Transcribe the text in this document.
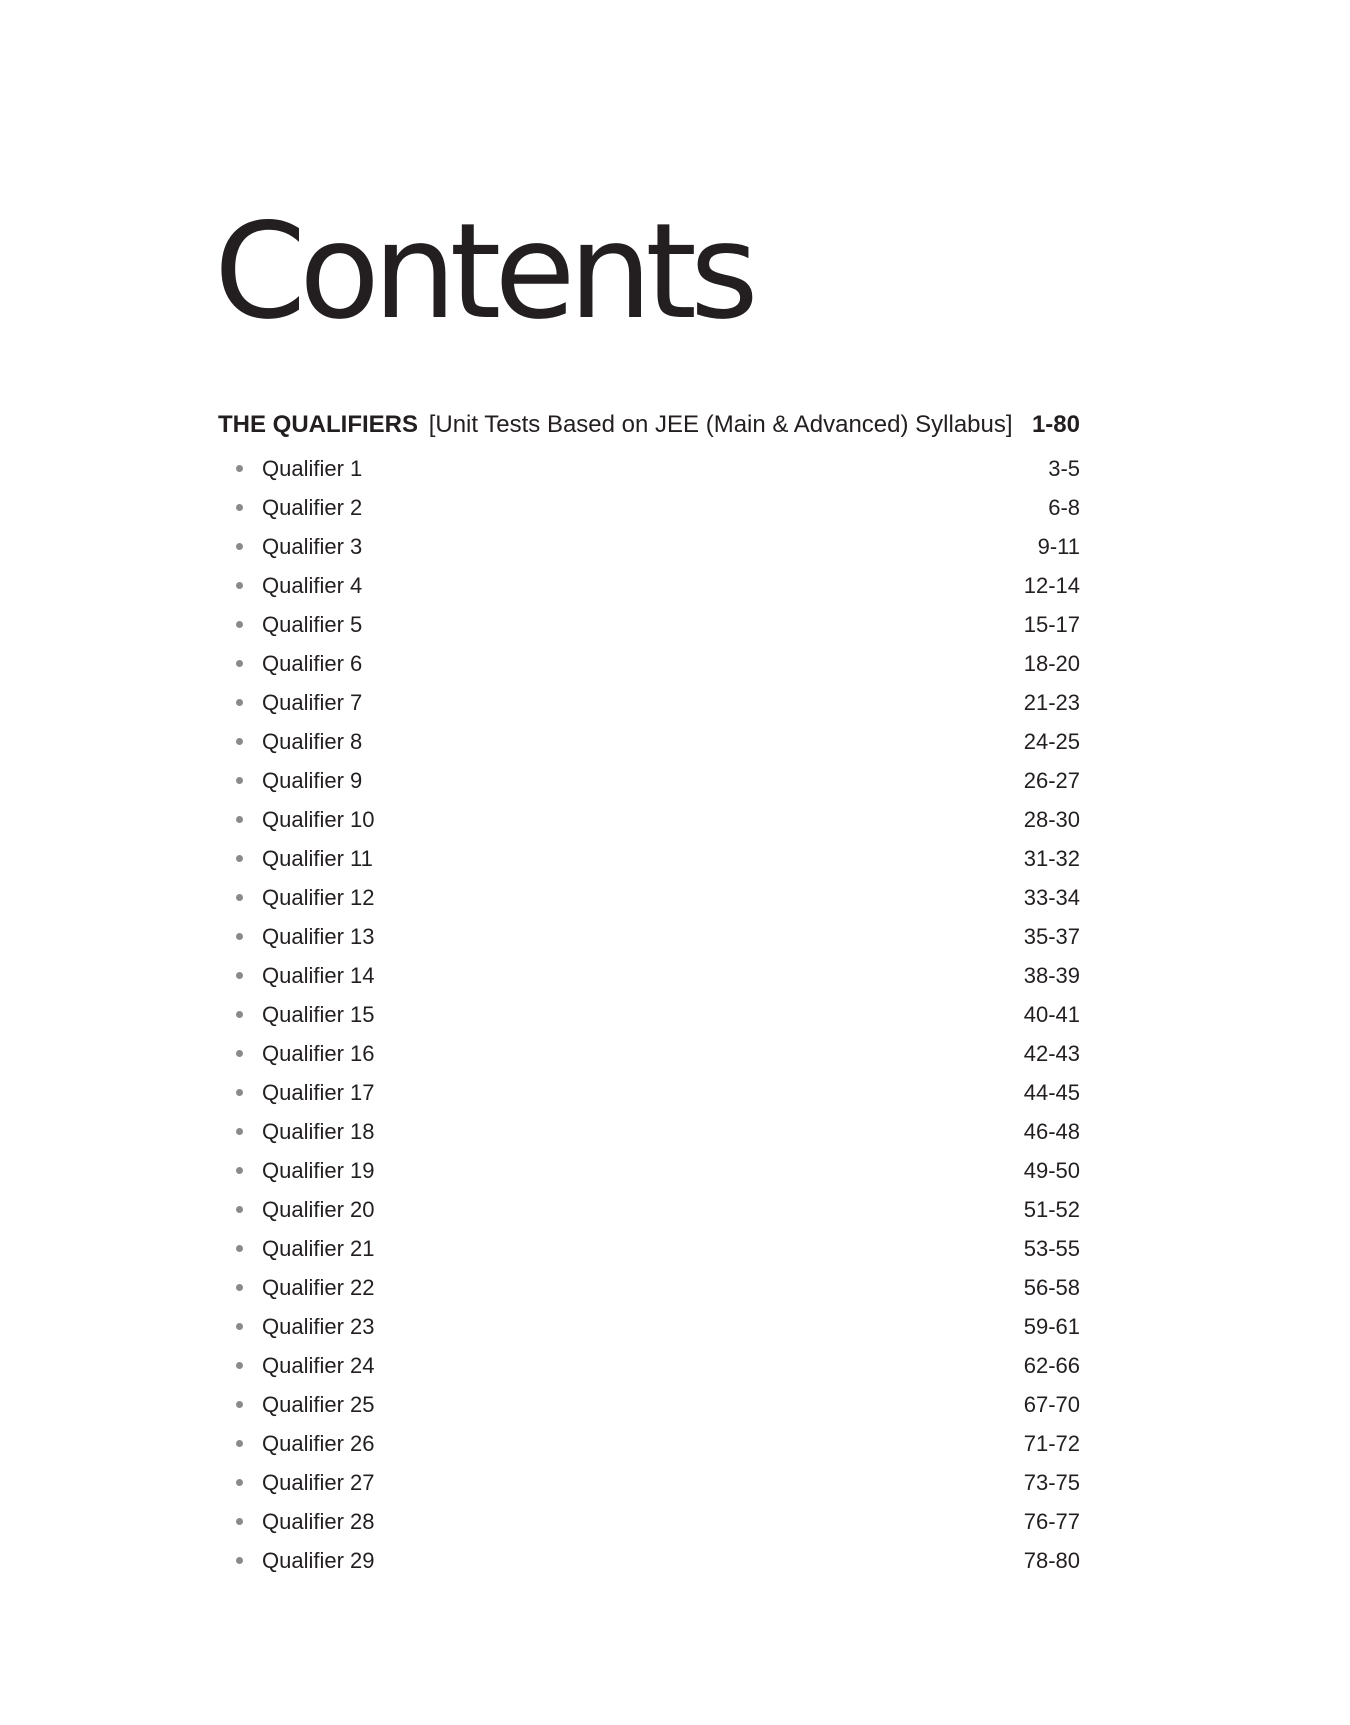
Contents
THE QUALIFIERS [Unit Tests Based on JEE (Main & Advanced) Syllabus] 1-80
Qualifier 1	3-5
Qualifier 2	6-8
Qualifier 3	9-11
Qualifier 4	12-14
Qualifier 5	15-17
Qualifier 6	18-20
Qualifier 7	21-23
Qualifier 8	24-25
Qualifier 9	26-27
Qualifier 10	28-30
Qualifier 11	31-32
Qualifier 12	33-34
Qualifier 13	35-37
Qualifier 14	38-39
Qualifier 15	40-41
Qualifier 16	42-43
Qualifier 17	44-45
Qualifier 18	46-48
Qualifier 19	49-50
Qualifier 20	51-52
Qualifier 21	53-55
Qualifier 22	56-58
Qualifier 23	59-61
Qualifier 24	62-66
Qualifier 25	67-70
Qualifier 26	71-72
Qualifier 27	73-75
Qualifier 28	76-77
Qualifier 29	78-80
